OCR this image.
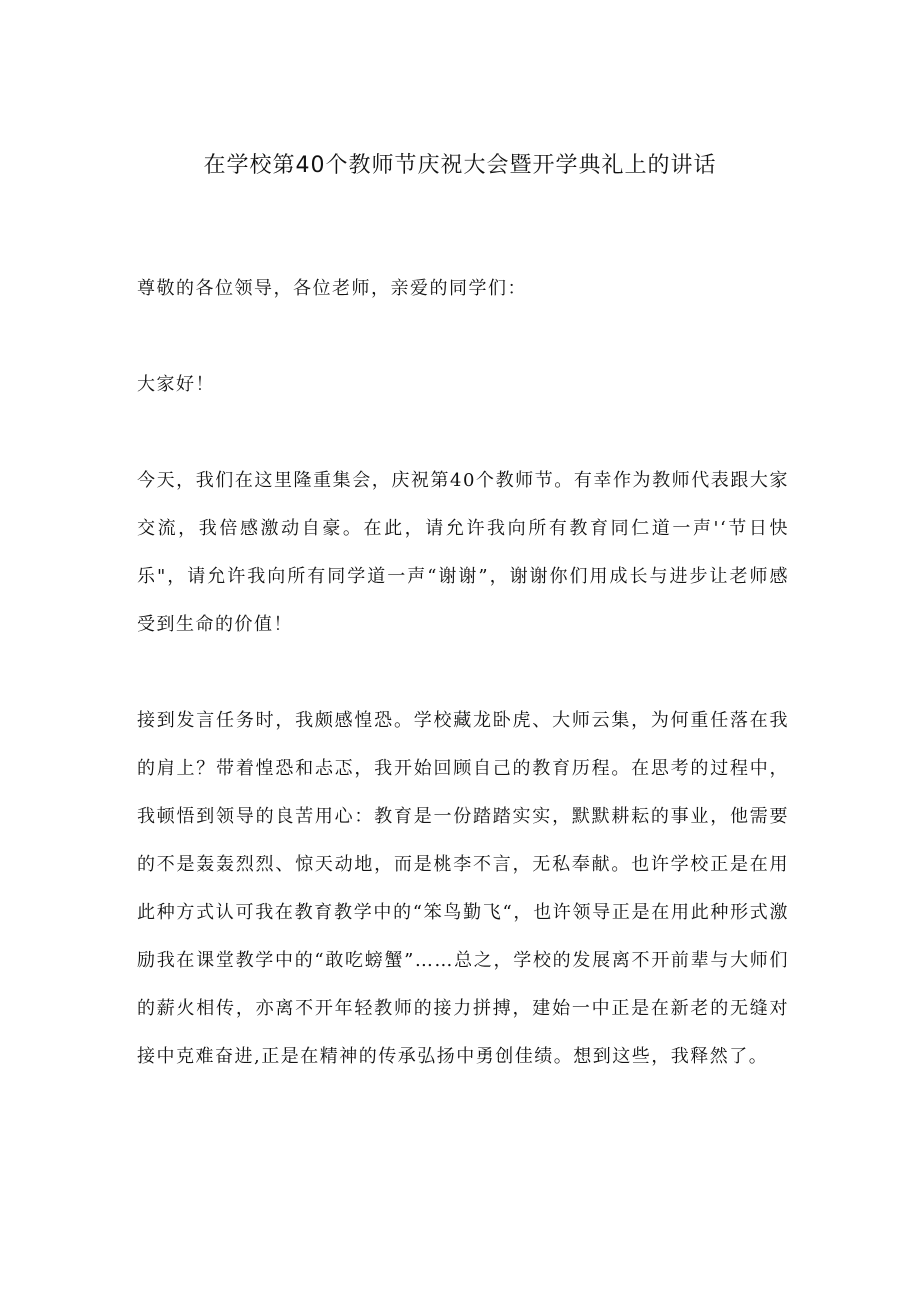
在学校第40个教师节庆祝大会暨开学典礼上的讲话

尊敬的各位领导，各位老师，亲爱的同学们：

大家好！

今天，我们在这里隆重集会，庆祝第40个教师节。有幸作为教师代表跟大家交流，我倍感激动自豪。在此，请允许我向所有教育同仁道一声'‘节日快乐"，请允许我向所有同学道一声“谢谢”，谢谢你们用成长与进步让老师感受到生命的价值！

接到发言任务时，我颇感惶恐。学校藏龙卧虎、大师云集，为何重任落在我的肩上？带着惶恐和忐忑，我开始回顾自己的教育历程。在思考的过程中，我顿悟到领导的良苦用心：教育是一份踏踏实实，默默耕耘的事业，他需要的不是轰轰烈烈、惊天动地，而是桃李不言，无私奉献。也许学校正是在用此种方式认可我在教育教学中的“笨鸟勤飞“，也许领导正是在用此种形式激励我在课堂教学中的“敢吃螃蟹”……总之，学校的发展离不开前辈与大师们的薪火相传，亦离不开年轻教师的接力拼搏，建始一中正是在新老的无缝对接中克难奋进,正是在精神的传承弘扬中勇创佳绩。想到这些，我释然了。
